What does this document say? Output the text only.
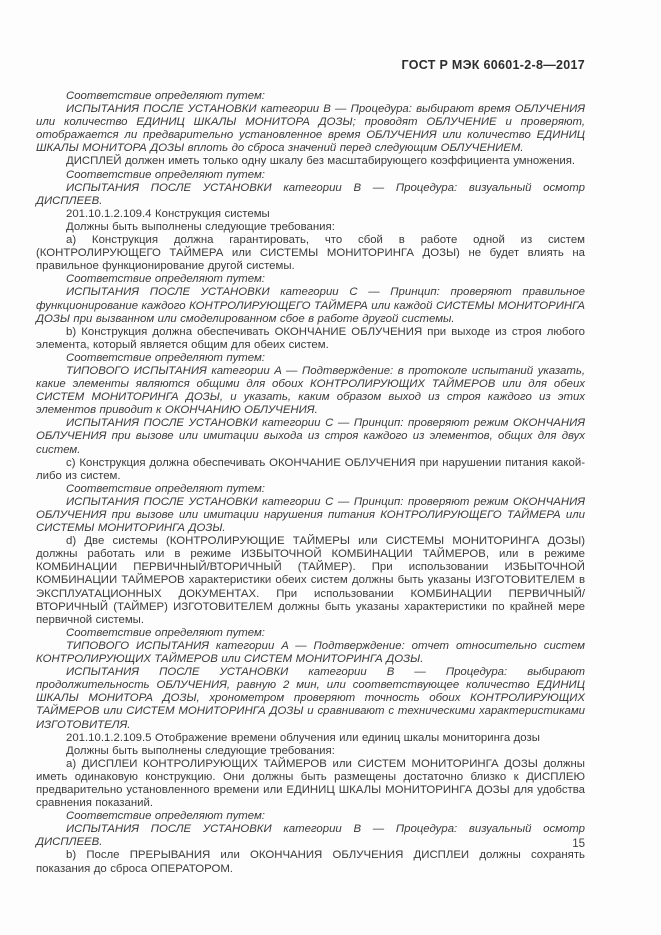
ГОСТ Р МЭК 60601-2-8—2017

Соответствие определяют путем:

ИСПЫТАНИЯ ПОСЛЕ УСТАНОВКИ категории B — Процедура: выбирают время ОБЛУЧЕНИЯ или количество ЕДИНИЦ ШКАЛЫ МОНИТОРА ДОЗЫ; проводят ОБЛУЧЕНИЕ и проверяют, отображается ли предварительно установленное время ОБЛУЧЕНИЯ или количество ЕДИНИЦ ШКАЛЫ МОНИТОРА ДОЗЫ вплоть до сброса значений перед следующим ОБЛУЧЕНИЕМ.

ДИСПЛЕЙ должен иметь только одну шкалу без масштабирующего коэффициента умножения.

Соответствие определяют путем:

ИСПЫТАНИЯ ПОСЛЕ УСТАНОВКИ категории B — Процедура: визуальный осмотр ДИСПЛЕЕВ.

201.10.1.2.109.4 Конструкция системы

Должны быть выполнены следующие требования:

а) Конструкция должна гарантировать, что сбой в работе одной из систем (КОНТРОЛИРУЮЩЕГО ТАЙМЕРА или СИСТЕМЫ МОНИТОРИНГА ДОЗЫ) не будет влиять на правильное функционирование другой системы.

Соответствие определяют путем:

ИСПЫТАНИЯ ПОСЛЕ УСТАНОВКИ категории C — Принцип: проверяют правильное функционирование каждого КОНТРОЛИРУЮЩЕГО ТАЙМЕРА или каждой СИСТЕМЫ МОНИТОРИНГА ДОЗЫ при вызванном или смоделированном сбое в работе другой системы.

b) Конструкция должна обеспечивать ОКОНЧАНИЕ ОБЛУЧЕНИЯ при выходе из строя любого элемента, который является общим для обеих систем.

Соответствие определяют путем:

ТИПОВОГО ИСПЫТАНИЯ категории A — Подтверждение: в протоколе испытаний указать, какие элементы являются общими для обоих КОНТРОЛИРУЮЩИХ ТАЙМЕРОВ или для обеих СИСТЕМ МОНИТОРИНГА ДОЗЫ, и указать, каким образом выход из строя каждого из этих элементов приводит к ОКОНЧАНИЮ ОБЛУЧЕНИЯ.

ИСПЫТАНИЯ ПОСЛЕ УСТАНОВКИ категории C — Принцип: проверяют режим ОКОНЧАНИЯ ОБЛУЧЕНИЯ при вызове или имитации выхода из строя каждого из элементов, общих для двух систем.

c) Конструкция должна обеспечивать ОКОНЧАНИЕ ОБЛУЧЕНИЯ при нарушении питания какой-либо из систем.

Соответствие определяют путем:

ИСПЫТАНИЯ ПОСЛЕ УСТАНОВКИ категории C — Принцип: проверяют режим ОКОНЧАНИЯ ОБЛУЧЕНИЯ при вызове или имитации нарушения питания КОНТРОЛИРУЮЩЕГО ТАЙМЕРА или СИСТЕМЫ МОНИТОРИНГА ДОЗЫ.

d) Две системы (КОНТРОЛИРУЮЩИЕ ТАЙМЕРЫ или СИСТЕМЫ МОНИТОРИНГА ДОЗЫ) должны работать или в режиме ИЗБЫТОЧНОЙ КОМБИНАЦИИ ТАЙМЕРОВ, или в режиме КОМБИНАЦИИ ПЕРВИЧНЫЙ/ВТОРИЧНЫЙ (ТАЙМЕР). При использовании ИЗБЫТОЧНОЙ КОМБИНАЦИИ ТАЙМЕРОВ характеристики обеих систем должны быть указаны ИЗГОТОВИТЕЛЕМ в ЭКСПЛУАТАЦИОННЫХ ДОКУМЕНТАХ. При использовании КОМБИНАЦИИ ПЕРВИЧНЫЙ/ВТОРИЧНЫЙ (ТАЙМЕР) ИЗГОТОВИТЕЛЕМ должны быть указаны характеристики по крайней мере первичной системы.

Соответствие определяют путем:

ТИПОВОГО ИСПЫТАНИЯ категории A — Подтверждение: отчет относительно систем КОНТРОЛИРУЮЩИХ ТАЙМЕРОВ или СИСТЕМ МОНИТОРИНГА ДОЗЫ.

ИСПЫТАНИЯ ПОСЛЕ УСТАНОВКИ категории B — Процедура: выбирают продолжительность ОБЛУЧЕНИЯ, равную 2 мин, или соответствующее количество ЕДИНИЦ ШКАЛЫ МОНИТОРА ДОЗЫ, хронометром проверяют точность обоих КОНТРОЛИРУЮЩИХ ТАЙМЕРОВ или СИСТЕМ МОНИТОРИНГА ДОЗЫ и сравнивают с техническими характеристиками ИЗГОТОВИТЕЛЯ.

201.10.1.2.109.5 Отображение времени облучения или единиц шкалы мониторинга дозы

Должны быть выполнены следующие требования:

а) ДИСПЛЕИ КОНТРОЛИРУЮЩИХ ТАЙМЕРОВ или СИСТЕМ МОНИТОРИНГА ДОЗЫ должны иметь одинаковую конструкцию. Они должны быть размещены достаточно близко к ДИСПЛЕЮ предварительно установленного времени или ЕДИНИЦ ШКАЛЫ МОНИТОРИНГА ДОЗЫ для удобства сравнения показаний.

Соответствие определяют путем:

ИСПЫТАНИЯ ПОСЛЕ УСТАНОВКИ категории B — Процедура: визуальный осмотр ДИСПЛЕЕВ.

b) После ПРЕРЫВАНИЯ или ОКОНЧАНИЯ ОБЛУЧЕНИЯ ДИСПЛЕИ должны сохранять показания до сброса ОПЕРАТОРОМ.

15
